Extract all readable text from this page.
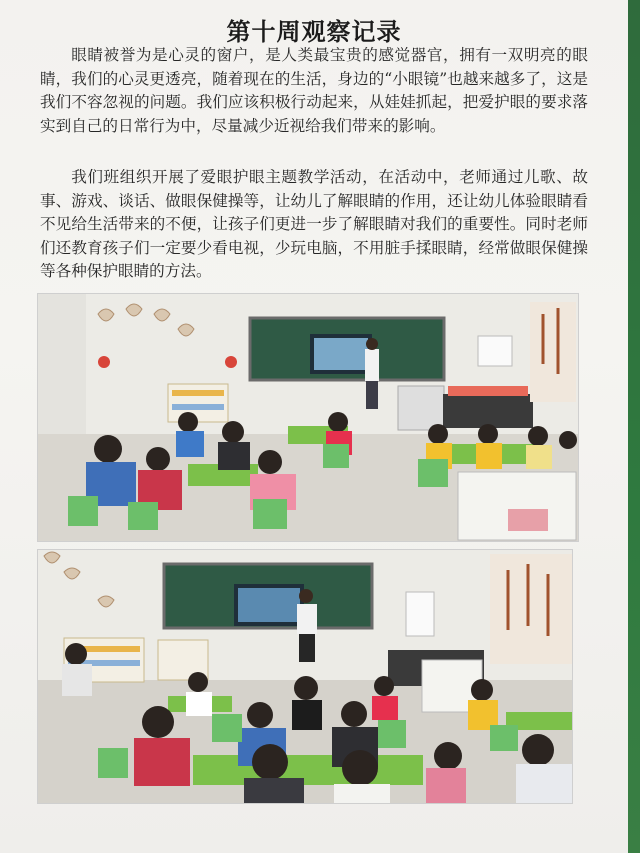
第十周观察记录

眼睛被誉为是心灵的窗户，是人类最宝贵的感觉器官，拥有一双明亮的眼睛，我们的心灵更透亮，随着现在的生活，身边的“小眼镜”也越来越多了，这是我们不容忽视的问题。我们应该积极行动起来，从娃娃抓起，把爱护眼的要求落实到自己的日常行为中，尽量减少近视给我们带来的影响。

我们班组织开展了爱眼护眼主题教学活动，在活动中，老师通过儿歌、故事、游戏、谈话、做眼保健操等，让幼儿了解眼睛的作用，还让幼儿体验眼睛看不见给生活带来的不便，让孩子们更进一步了解眼睛对我们的重要性。同时老师们还教育孩子们一定要少看电视，少玩电脑，不用脏手揉眼睛，经常做眼保健操等各种保护眼睛的方法。
